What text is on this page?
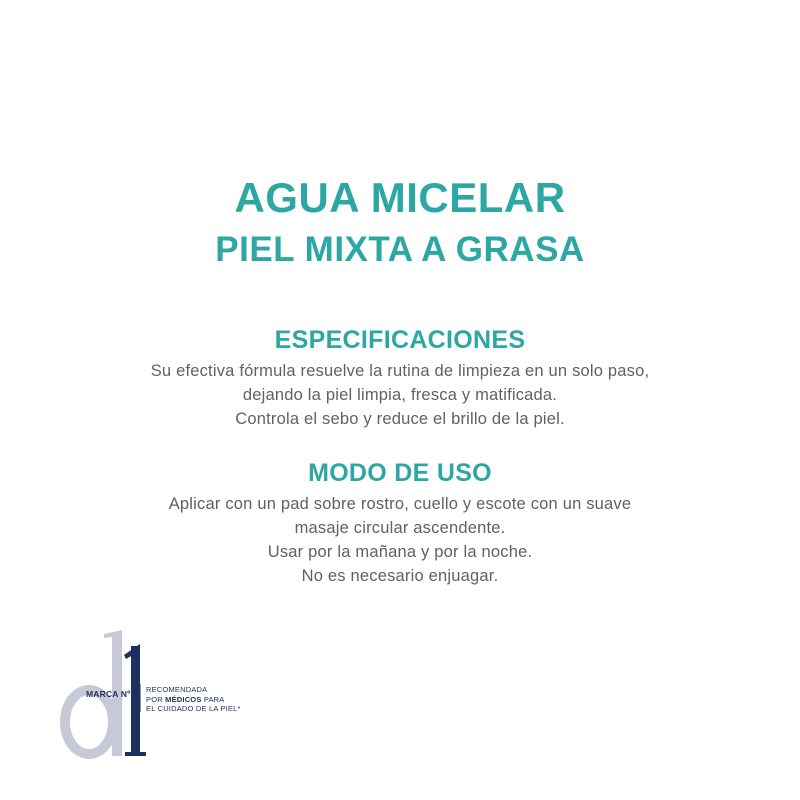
AGUA MICELAR
PIEL MIXTA A GRASA
ESPECIFICACIONES
Su efectiva fórmula resuelve la rutina de limpieza en un solo paso,
dejando la piel limpia, fresca y matificada.
Controla el sebo y reduce el brillo de la piel.
MODO DE USO
Aplicar con un pad sobre rostro, cuello y escote con un suave
masaje circular ascendente.
Usar por la mañana y por la noche.
No es necesario enjuagar.
MARCA Nº RECOMENDADA
POR MÉDICOS PARA
EL CUIDADO DE LA PIEL*
